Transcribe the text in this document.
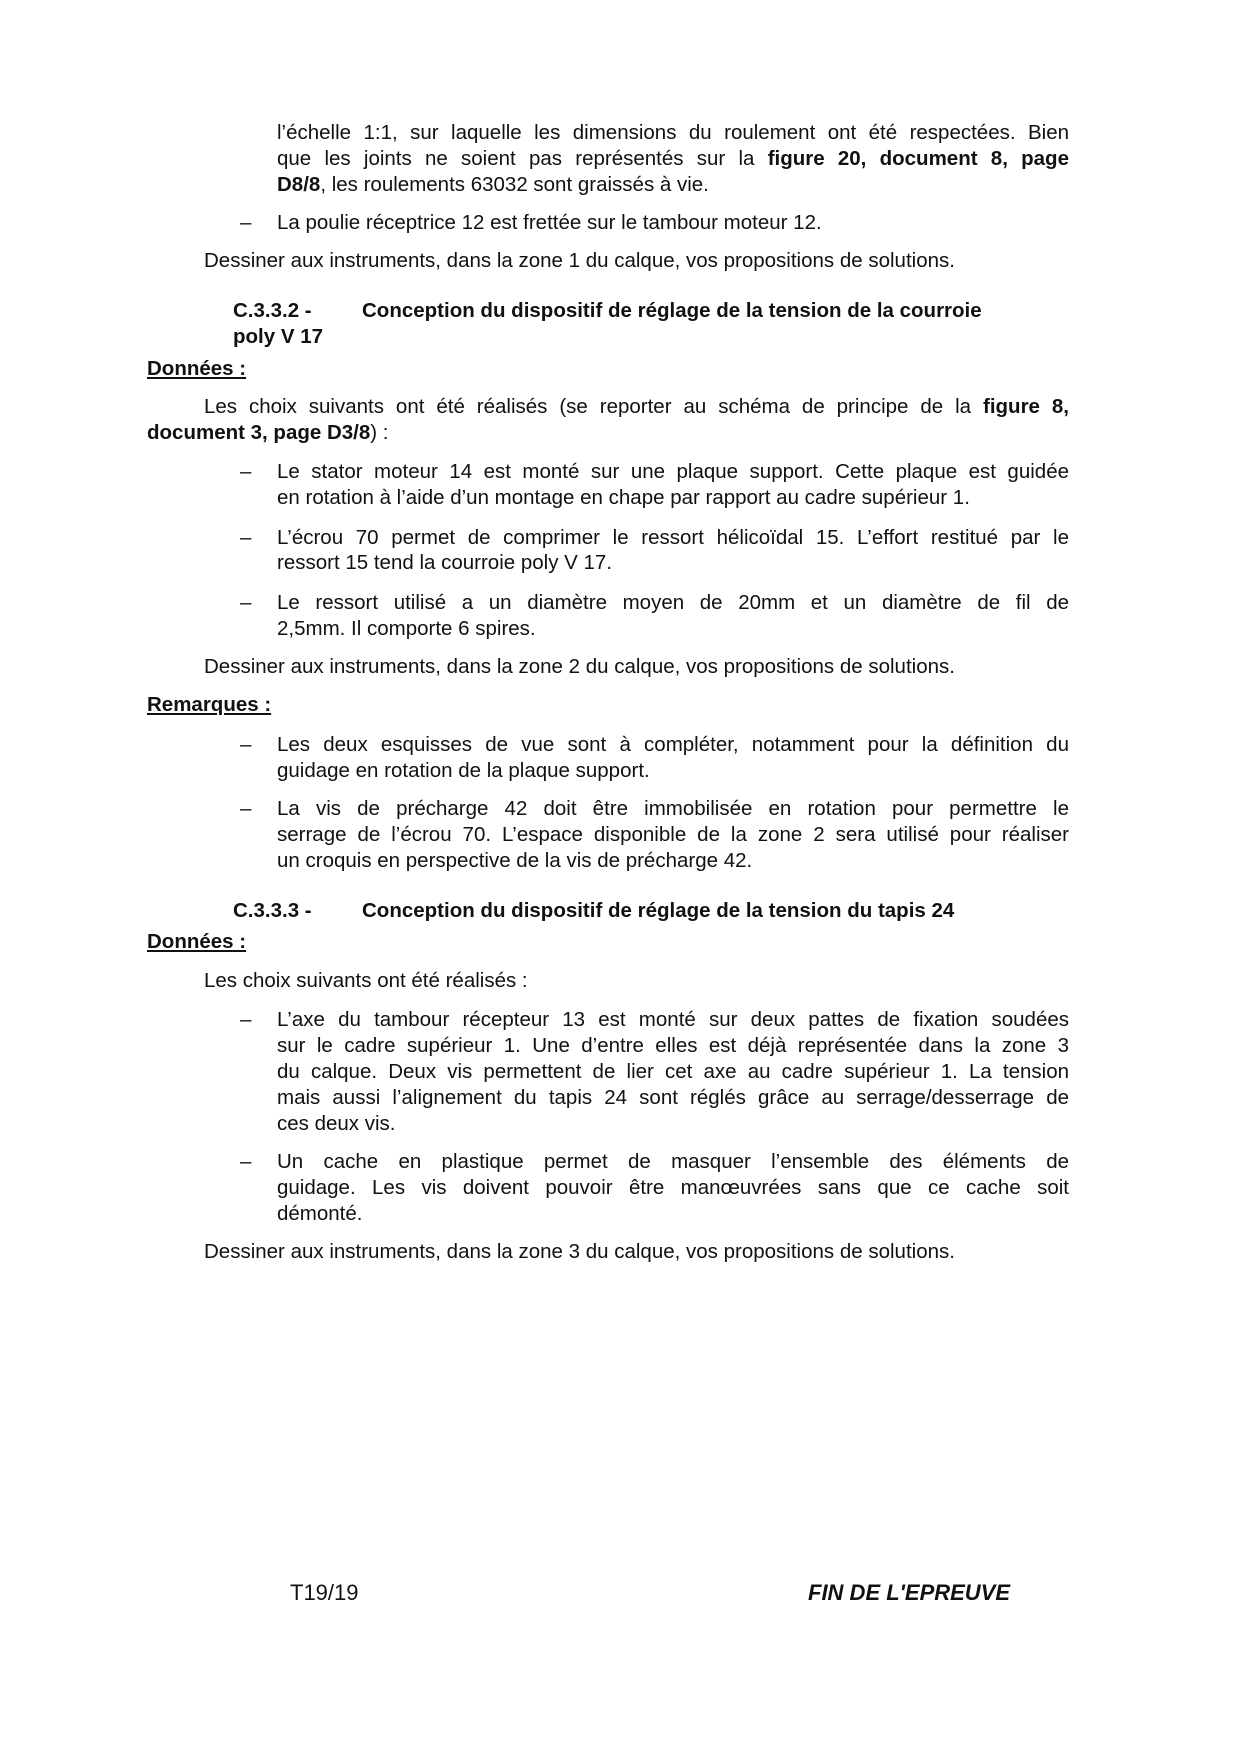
l’échelle 1:1, sur laquelle les dimensions du roulement ont été respectées. Bien
que les joints ne soient pas représentés sur la figure 20, document 8, page
D8/8, les roulements 63032 sont graissés à vie.
– La poulie réceptrice 12 est frettée sur le tambour moteur 12.
Dessiner aux instruments, dans la zone 1 du calque, vos propositions de solutions.
C.3.3.2 - Conception du dispositif de réglage de la tension de la courroie
poly V 17
Données :
Les choix suivants ont été réalisés (se reporter au schéma de principe de la figure 8,
document 3, page D3/8) :
– Le stator moteur 14 est monté sur une plaque support. Cette plaque est guidée
en rotation à l’aide d’un montage en chape par rapport au cadre supérieur 1.
– L’écrou 70 permet de comprimer le ressort hélicoïdal 15. L’effort restitué par le
ressort 15 tend la courroie poly V 17.
– Le ressort utilisé a un diamètre moyen de 20mm et un diamètre de fil de
2,5mm. Il comporte 6 spires.
Dessiner aux instruments, dans la zone 2 du calque, vos propositions de solutions.
Remarques :
– Les deux esquisses de vue sont à compléter, notamment pour la définition du
guidage en rotation de la plaque support.
– La vis de précharge 42 doit être immobilisée en rotation pour permettre le
serrage de l’écrou 70. L’espace disponible de la zone 2 sera utilisé pour réaliser
un croquis en perspective de la vis de précharge 42.
C.3.3.3 - Conception du dispositif de réglage de la tension du tapis 24
Données :
Les choix suivants ont été réalisés :
– L’axe du tambour récepteur 13 est monté sur deux pattes de fixation soudées
sur le cadre supérieur 1. Une d’entre elles est déjà représentée dans la zone 3
du calque. Deux vis permettent de lier cet axe au cadre supérieur 1. La tension
mais aussi l’alignement du tapis 24 sont réglés grâce au serrage/desserrage de
ces deux vis.
– Un cache en plastique permet de masquer l’ensemble des éléments de
guidage. Les vis doivent pouvoir être manœuvrées sans que ce cache soit
démonté.
Dessiner aux instruments, dans la zone 3 du calque, vos propositions de solutions.
T19/19	FIN DE L'EPREUVE
